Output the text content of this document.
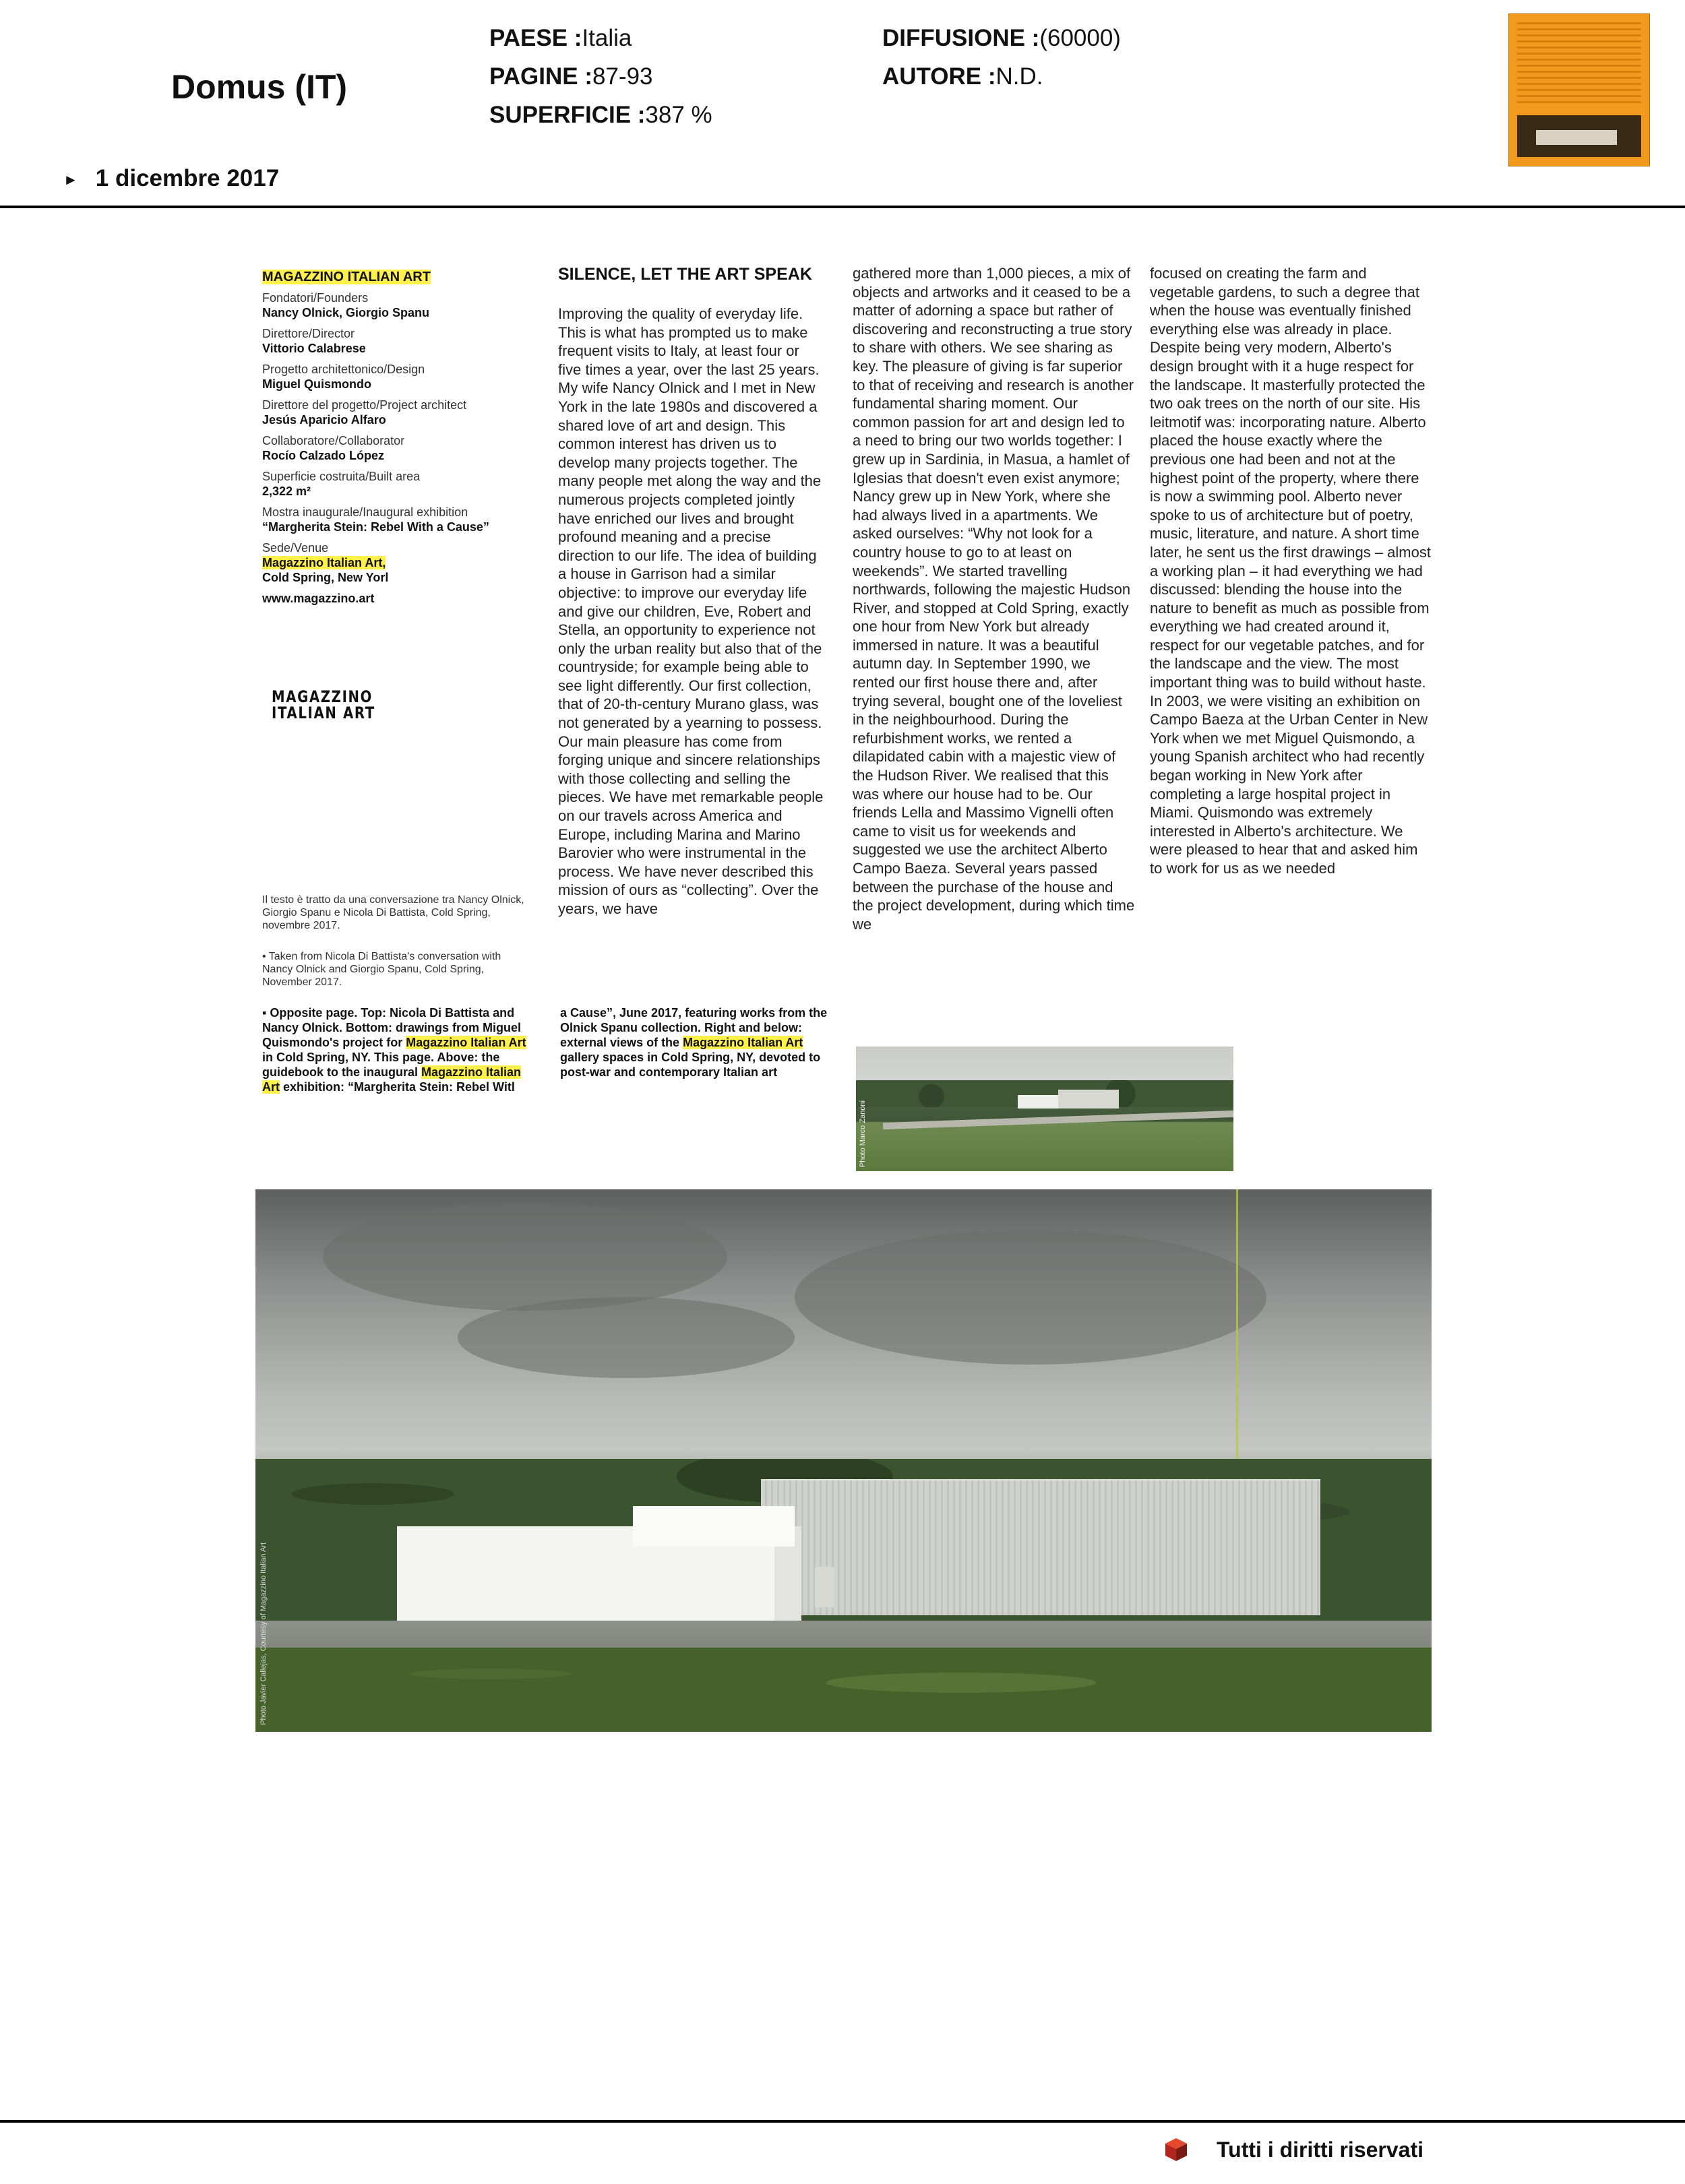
Domus (IT)
PAESE :Italia
PAGINE :87-93
SUPERFICIE :387 %
DIFFUSIONE :(60000)
AUTORE :N.D.
► 1 dicembre 2017
MAGAZZINO ITALIAN ART
Fondatori/Founders
Nancy Olnick, Giorgio Spanu
Direttore/Director
Vittorio Calabrese
Progetto architettonico/Design
Miguel Quismondo
Direttore del progetto/Project architect
Jesús Aparicio Alfaro
Collaboratore/Collaborator
Rocío Calzado López
Superficie costruita/Built area
2,322 m²
Mostra inaugurale/Inaugural exhibition
“Margherita Stein: Rebel With a Cause”
Sede/Venue
Magazzino Italian Art,
Cold Spring, New Yorl
www.magazzino.art
MAGAZZINO
ITALIAN ART
Il testo è tratto da una conversazione tra Nancy Olnick, Giorgio Spanu e Nicola Di Battista, Cold Spring, novembre 2017.
• Taken from Nicola Di Battista's conversation with Nancy Olnick and Giorgio Spanu, Cold Spring, November 2017.
▪ Opposite page. Top: Nicola Di Battista and Nancy Olnick. Bottom: drawings from Miguel Quismondo's project for Magazzino Italian Art in Cold Spring, NY. This page. Above: the guidebook to the inaugural Magazzino Italian Art exhibition: “Margherita Stein: Rebel Witl
SILENCE, LET THE ART SPEAK

Improving the quality of everyday life. This is what has prompted us to make frequent visits to Italy, at least four or five times a year, over the last 25 years. My wife Nancy Olnick and I met in New York in the late 1980s and discovered a shared love of art and design. This common interest has driven us to develop many projects together. The many people met along the way and the numerous projects completed jointly have enriched our lives and brought profound meaning and a precise direction to our life. The idea of building a house in Garrison had a similar objective: to improve our everyday life and give our children, Eve, Robert and Stella, an opportunity to experience not only the urban reality but also that of the countryside; for example being able to see light differently. Our first collection, that of 20-th-century Murano glass, was not generated by a yearning to possess. Our main pleasure has come from forging unique and sincere relationships with those collecting and selling the pieces. We have met remarkable people on our travels across America and Europe, including Marina and Marino Barovier who were instrumental in the process. We have never described this mission of ours as “collecting”. Over the years, we have

gathered more than 1,000 pieces, a mix of objects and artworks and it ceased to be a matter of adorning a space but rather of discovering and reconstructing a true story to share with others. We see sharing as key. The pleasure of giving is far superior to that of receiving and research is another fundamental sharing moment. Our common passion for art and design led to a need to bring our two worlds together: I grew up in Sardinia, in Masua, a hamlet of Iglesias that doesn't even exist anymore; Nancy grew up in New York, where she had always lived in a apartments. We asked ourselves: “Why not look for a country house to go to at least on weekends”. We started travelling northwards, following the majestic Hudson River, and stopped at Cold Spring, exactly one hour from New York but already immersed in nature. It was a beautiful autumn day. In September 1990, we rented our first house there and, after trying several, bought one of the loveliest in the neighbourhood. During the refurbishment works, we rented a dilapidated cabin with a majestic view of the Hudson River. We realised that this was where our house had to be. Our friends Lella and Massimo Vignelli often came to visit us for weekends and suggested we use the architect Alberto Campo Baeza. Several years passed between the purchase of the house and the project development, during which time we

focused on creating the farm and vegetable gardens, to such a degree that when the house was eventually finished everything else was already in place. Despite being very modern, Alberto's design brought with it a huge respect for the landscape. It masterfully protected the two oak trees on the north of our site. His leitmotif was: incorporating nature. Alberto placed the house exactly where the previous one had been and not at the highest point of the property, where there is now a swimming pool. Alberto never spoke to us of architecture but of poetry, music, literature, and nature. A short time later, he sent us the first drawings – almost a working plan – it had everything we had discussed: blending the house into the nature to benefit as much as possible from everything we had created around it, respect for our vegetable patches, and for the landscape and the view. The most important thing was to build without haste. In 2003, we were visiting an exhibition on Campo Baeza at the Urban Center in New York when we met Miguel Quismondo, a young Spanish architect who had recently began working in New York after completing a large hospital project in Miami. Quismondo was extremely interested in Alberto's architecture. We were pleased to hear that and asked him to work for us as we needed

a Cause”, June 2017, featuring works from the Olnick Spanu collection. Right and below: external views of the Magazzino Italian Art gallery spaces in Cold Spring, NY, devoted to post-war and contemporary Italian art
Photo Marco Zanoni
Photo Javier Callejas, Courtesy of Magazzino Italian Art
Tutti i diritti riservati
